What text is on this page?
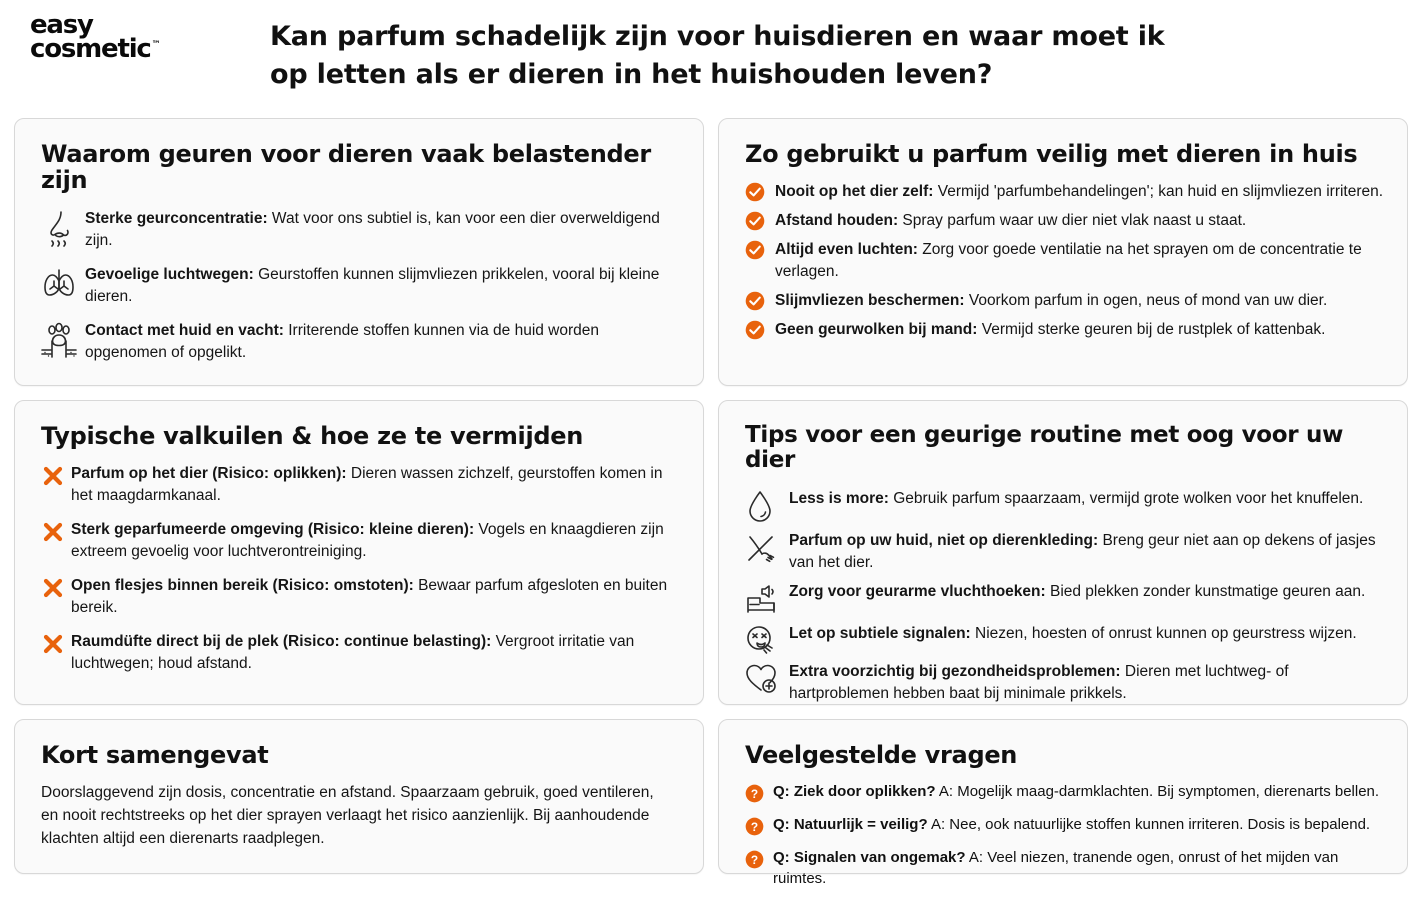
easy
cosmetic™	Kan parfum schadelijk zijn voor huisdieren en waar moet ik
op letten als er dieren in het huishouden leven?
Waarom geuren voor dieren vaak belastender zijn
Sterke geurconcentratie: Wat voor ons subtiel is, kan voor een dier overweldigend zijn.
Gevoelige luchtwegen: Geurstoffen kunnen slijmvliezen prikkelen, vooral bij kleine dieren.
Contact met huid en vacht: Irriterende stoffen kunnen via de huid worden opgenomen of opgelikt.
Zo gebruikt u parfum veilig met dieren in huis
Nooit op het dier zelf: Vermijd 'parfumbehandelingen'; kan huid en slijmvliezen irriteren.
Afstand houden: Spray parfum waar uw dier niet vlak naast u staat.
Altijd even luchten: Zorg voor goede ventilatie na het sprayen om de concentratie te verlagen.
Slijmvliezen beschermen: Voorkom parfum in ogen, neus of mond van uw dier.
Geen geurwolken bij mand: Vermijd sterke geuren bij de rustplek of kattenbak.
Typische valkuilen & hoe ze te vermijden
Parfum op het dier (Risico: oplikken): Dieren wassen zichzelf, geurstoffen komen in het maagdarmkanaal.
Sterk geparfumeerde omgeving (Risico: kleine dieren): Vogels en knaagdieren zijn extreem gevoelig voor luchtverontreiniging.
Open flesjes binnen bereik (Risico: omstoten): Bewaar parfum afgesloten en buiten bereik.
Raumdüfte direct bij de plek (Risico: continue belasting): Vergroot irritatie van luchtwegen; houd afstand.
Tips voor een geurige routine met oog voor uw dier
Less is more: Gebruik parfum spaarzaam, vermijd grote wolken voor het knuffelen.
Parfum op uw huid, niet op dierenkleding: Breng geur niet aan op dekens of jasjes van het dier.
Zorg voor geurarme vluchthoeken: Bied plekken zonder kunstmatige geuren aan.
Let op subtiele signalen: Niezen, hoesten of onrust kunnen op geurstress wijzen.
Extra voorzichtig bij gezondheidsproblemen: Dieren met luchtweg- of hartproblemen hebben baat bij minimale prikkels.
Kort samengevat
Doorslaggevend zijn dosis, concentratie en afstand. Spaarzaam gebruik, goed ventileren, en nooit rechtstreeks op het dier sprayen verlaagt het risico aanzienlijk. Bij aanhoudende klachten altijd een dierenarts raadplegen.
Veelgestelde vragen
? Q: Ziek door oplikken? A: Mogelijk maag-darmklachten. Bij symptomen, dierenarts bellen.
? Q: Natuurlijk = veilig? A: Nee, ook natuurlijke stoffen kunnen irriteren. Dosis is bepalend.
? Q: Signalen van ongemak? A: Veel niezen, tranende ogen, onrust of het mijden van ruimtes.
